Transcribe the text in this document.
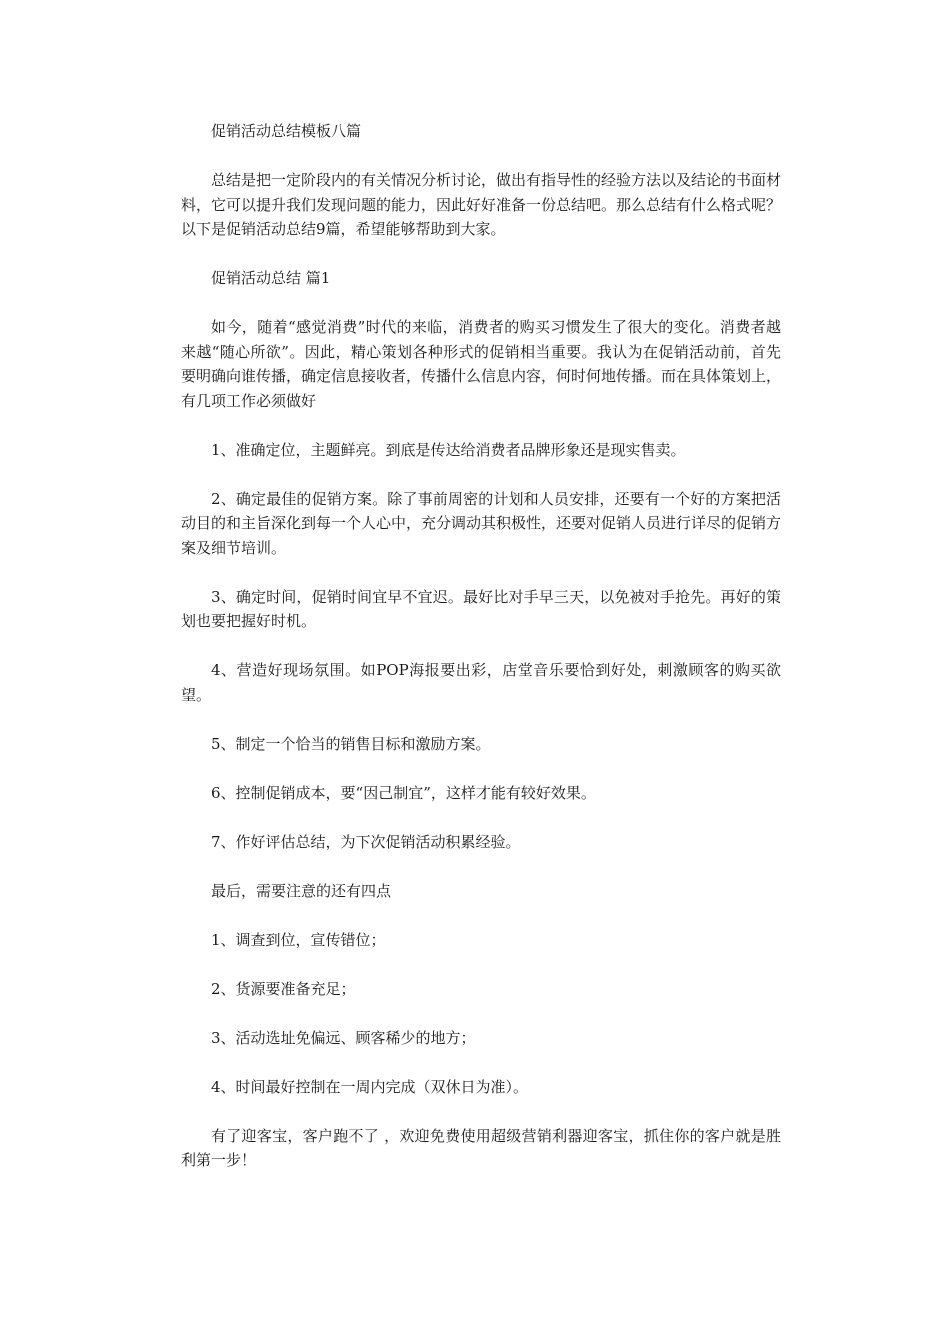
促销活动总结模板八篇

总结是把一定阶段内的有关情况分析讨论，做出有指导性的经验方法以及结论的书面材料，它可以提升我们发现问题的能力，因此好好准备一份总结吧。那么总结有什么格式呢？以下是促销活动总结9篇，希望能够帮助到大家。

促销活动总结 篇1

如今，随着“感觉消费”时代的来临，消费者的购买习惯发生了很大的变化。消费者越来越“随心所欲”。因此，精心策划各种形式的促销相当重要。我认为在促销活动前，首先要明确向谁传播，确定信息接收者，传播什么信息内容，何时何地传播。而在具体策划上，有几项工作必须做好

1、准确定位，主题鲜亮。到底是传达给消费者品牌形象还是现实售卖。

2、确定最佳的促销方案。除了事前周密的计划和人员安排，还要有一个好的方案把活动目的和主旨深化到每一个人心中，充分调动其积极性，还要对促销人员进行详尽的促销方案及细节培训。

3、确定时间，促销时间宜早不宜迟。最好比对手早三天，以免被对手抢先。再好的策划也要把握好时机。

4、营造好现场氛围。如POP海报要出彩，店堂音乐要恰到好处，刺激顾客的购买欲望。

5、制定一个恰当的销售目标和激励方案。

6、控制促销成本，要“因己制宜”，这样才能有较好效果。

7、作好评估总结，为下次促销活动积累经验。

最后，需要注意的还有四点

1、调查到位，宣传错位；

2、货源要准备充足；

3、活动选址免偏远、顾客稀少的地方；

4、时间最好控制在一周内完成（双休日为准）。

有了迎客宝，客户跑不了 ，欢迎免费使用超级营销利器迎客宝，抓住你的客户就是胜利第一步！
